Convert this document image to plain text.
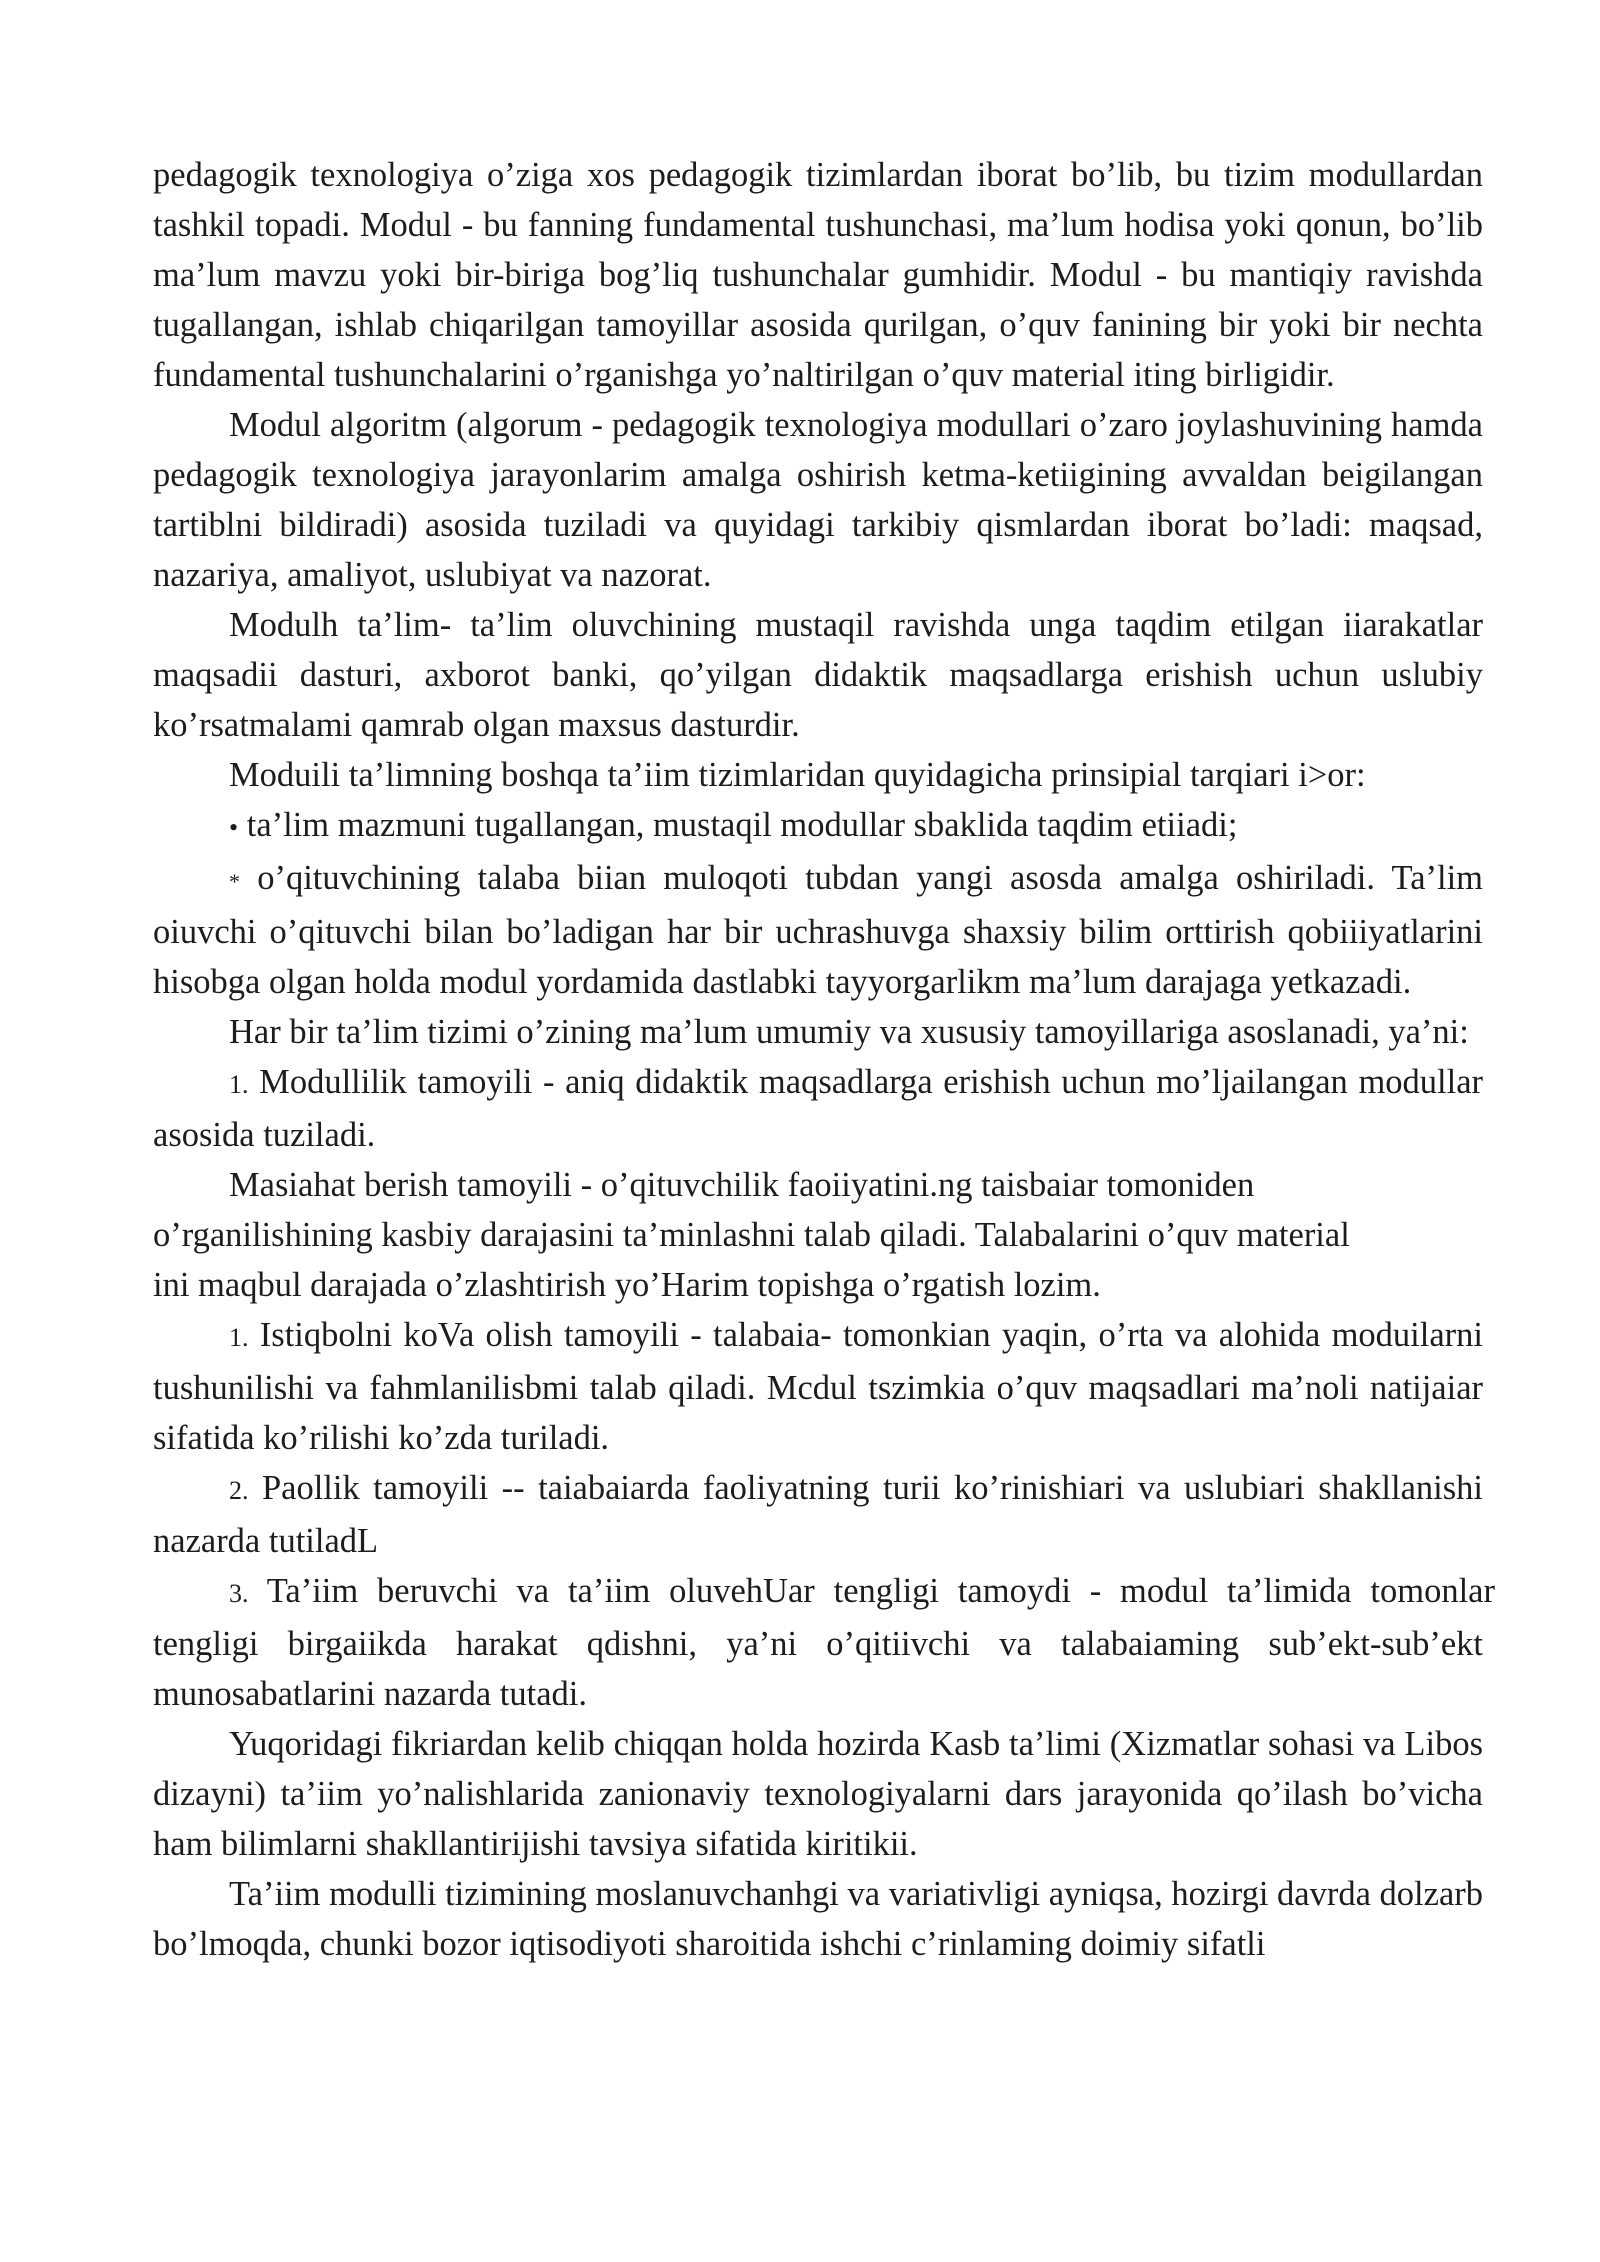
pedagogik texnologiya o’ziga xos pedagogik tizimlardan iborat bo’lib, bu tizim modullardan tashkil topadi. Modul - bu fanning fundamental tushunchasi, ma’lum hodisa yoki qonun, bo’lib ma’lum mavzu yoki bir-biriga bog’liq tushunchalar gumhidir. Modul - bu mantiqiy ravishda tugallangan, ishlab chiqarilgan tamoyillar asosida qurilgan, o’quv fanining bir yoki bir nechta fundamental tushunchalarini o’rganishga yo’naltirilgan o’quv material iting birligidir.

Modul algoritm (algorum - pedagogik texnologiya modullari o’zaro joylashuvining hamda pedagogik texnologiya jarayonlarim amalga oshirish ketma-ketiigining avvaldan beigilangan tartiblni bildiradi) asosida tuziladi va quyidagi tarkibiy qismlardan iborat bo’ladi: maqsad, nazariya, amaliyot, uslubiyat va nazorat.

Modulh ta’lim- ta’lim oluvchining mustaqil ravishda unga taqdim etilgan iiarakatlar maqsadii dasturi, axborot banki, qo’yilgan didaktik maqsadlarga erishish uchun uslubiy ko’rsatmalami qamrab olgan maxsus dasturdir.

Moduili ta’limning boshqa ta’iim tizimlaridan quyidagicha prinsipial tarqiari i>or:

• ta’lim mazmuni tugallangan, mustaqil modullar sbaklida taqdim etiiadi;

* o’qituvchining talaba biian muloqoti tubdan yangi asosda amalga oshiriladi. Ta’lim oiuvchi o’qituvchi bilan bo’ladigan har bir uchrashuvga shaxsiy bilim orttirish qobiiiyatlarini hisobga olgan holda modul yordamida dastlabki tayyorgarlikm ma’lum darajaga yetkazadi.

Har bir ta’lim tizimi o’zining ma’lum umumiy va xususiy tamoyillariga asoslanadi, ya’ni:

1. Modullilik tamoyili - aniq didaktik maqsadlarga erishish uchun mo’ljailangan modullar asosida tuziladi.

Masiahat berish tamoyili - o’qituvchilik faoiiyatini.ng taisbaiar tomoniden
o’rganilishining kasbiy darajasini ta’minlashni talab qiladi. Talabalarini o’quv material
ini maqbul darajada o’zlashtirish yo’Harim topishga o’rgatish lozim.

1. Istiqbolni koVa olish tamoyili - talabaia- tomonkian yaqin, o’rta va alohida moduilarni tushunilishi va fahmlanilisbmi talab qiladi. Mcdul tszimkia o’quv maqsadlari ma’noli natijaiar sifatida ko’rilishi ko’zda turiladi.

2. Paollik tamoyili -- taiabaiarda faoliyatning turii ko’rinishiari va uslubiari shakllanishi nazarda tutiladL

3. Ta’iim beruvchi va ta’iim oluvehUar tengligi tamoydi - modul ta’limida tomonlar tengligi birgaiikda harakat qdishni, ya’ni o’qitiivchi va talabaiaming sub’ekt-sub’ekt munosabatlarini nazarda tutadi.

Yuqoridagi fikriardan kelib chiqqan holda hozirda Kasb ta’limi (Xizmatlar sohasi va Libos dizayni) ta’iim yo’nalishlarida zanionaviy texnologiyalarni dars jarayonida qo’ilash bo’vicha ham bilimlarni shakllantirijishi tavsiya sifatida kiritikii.

Ta’iim modulli tizimining moslanuvchanhgi va variativligi ayniqsa, hozirgi davrda dolzarb bo’lmoqda, chunki bozor iqtisodiyoti sharoitida ishchi c’rinlaming doimiy sifatli
